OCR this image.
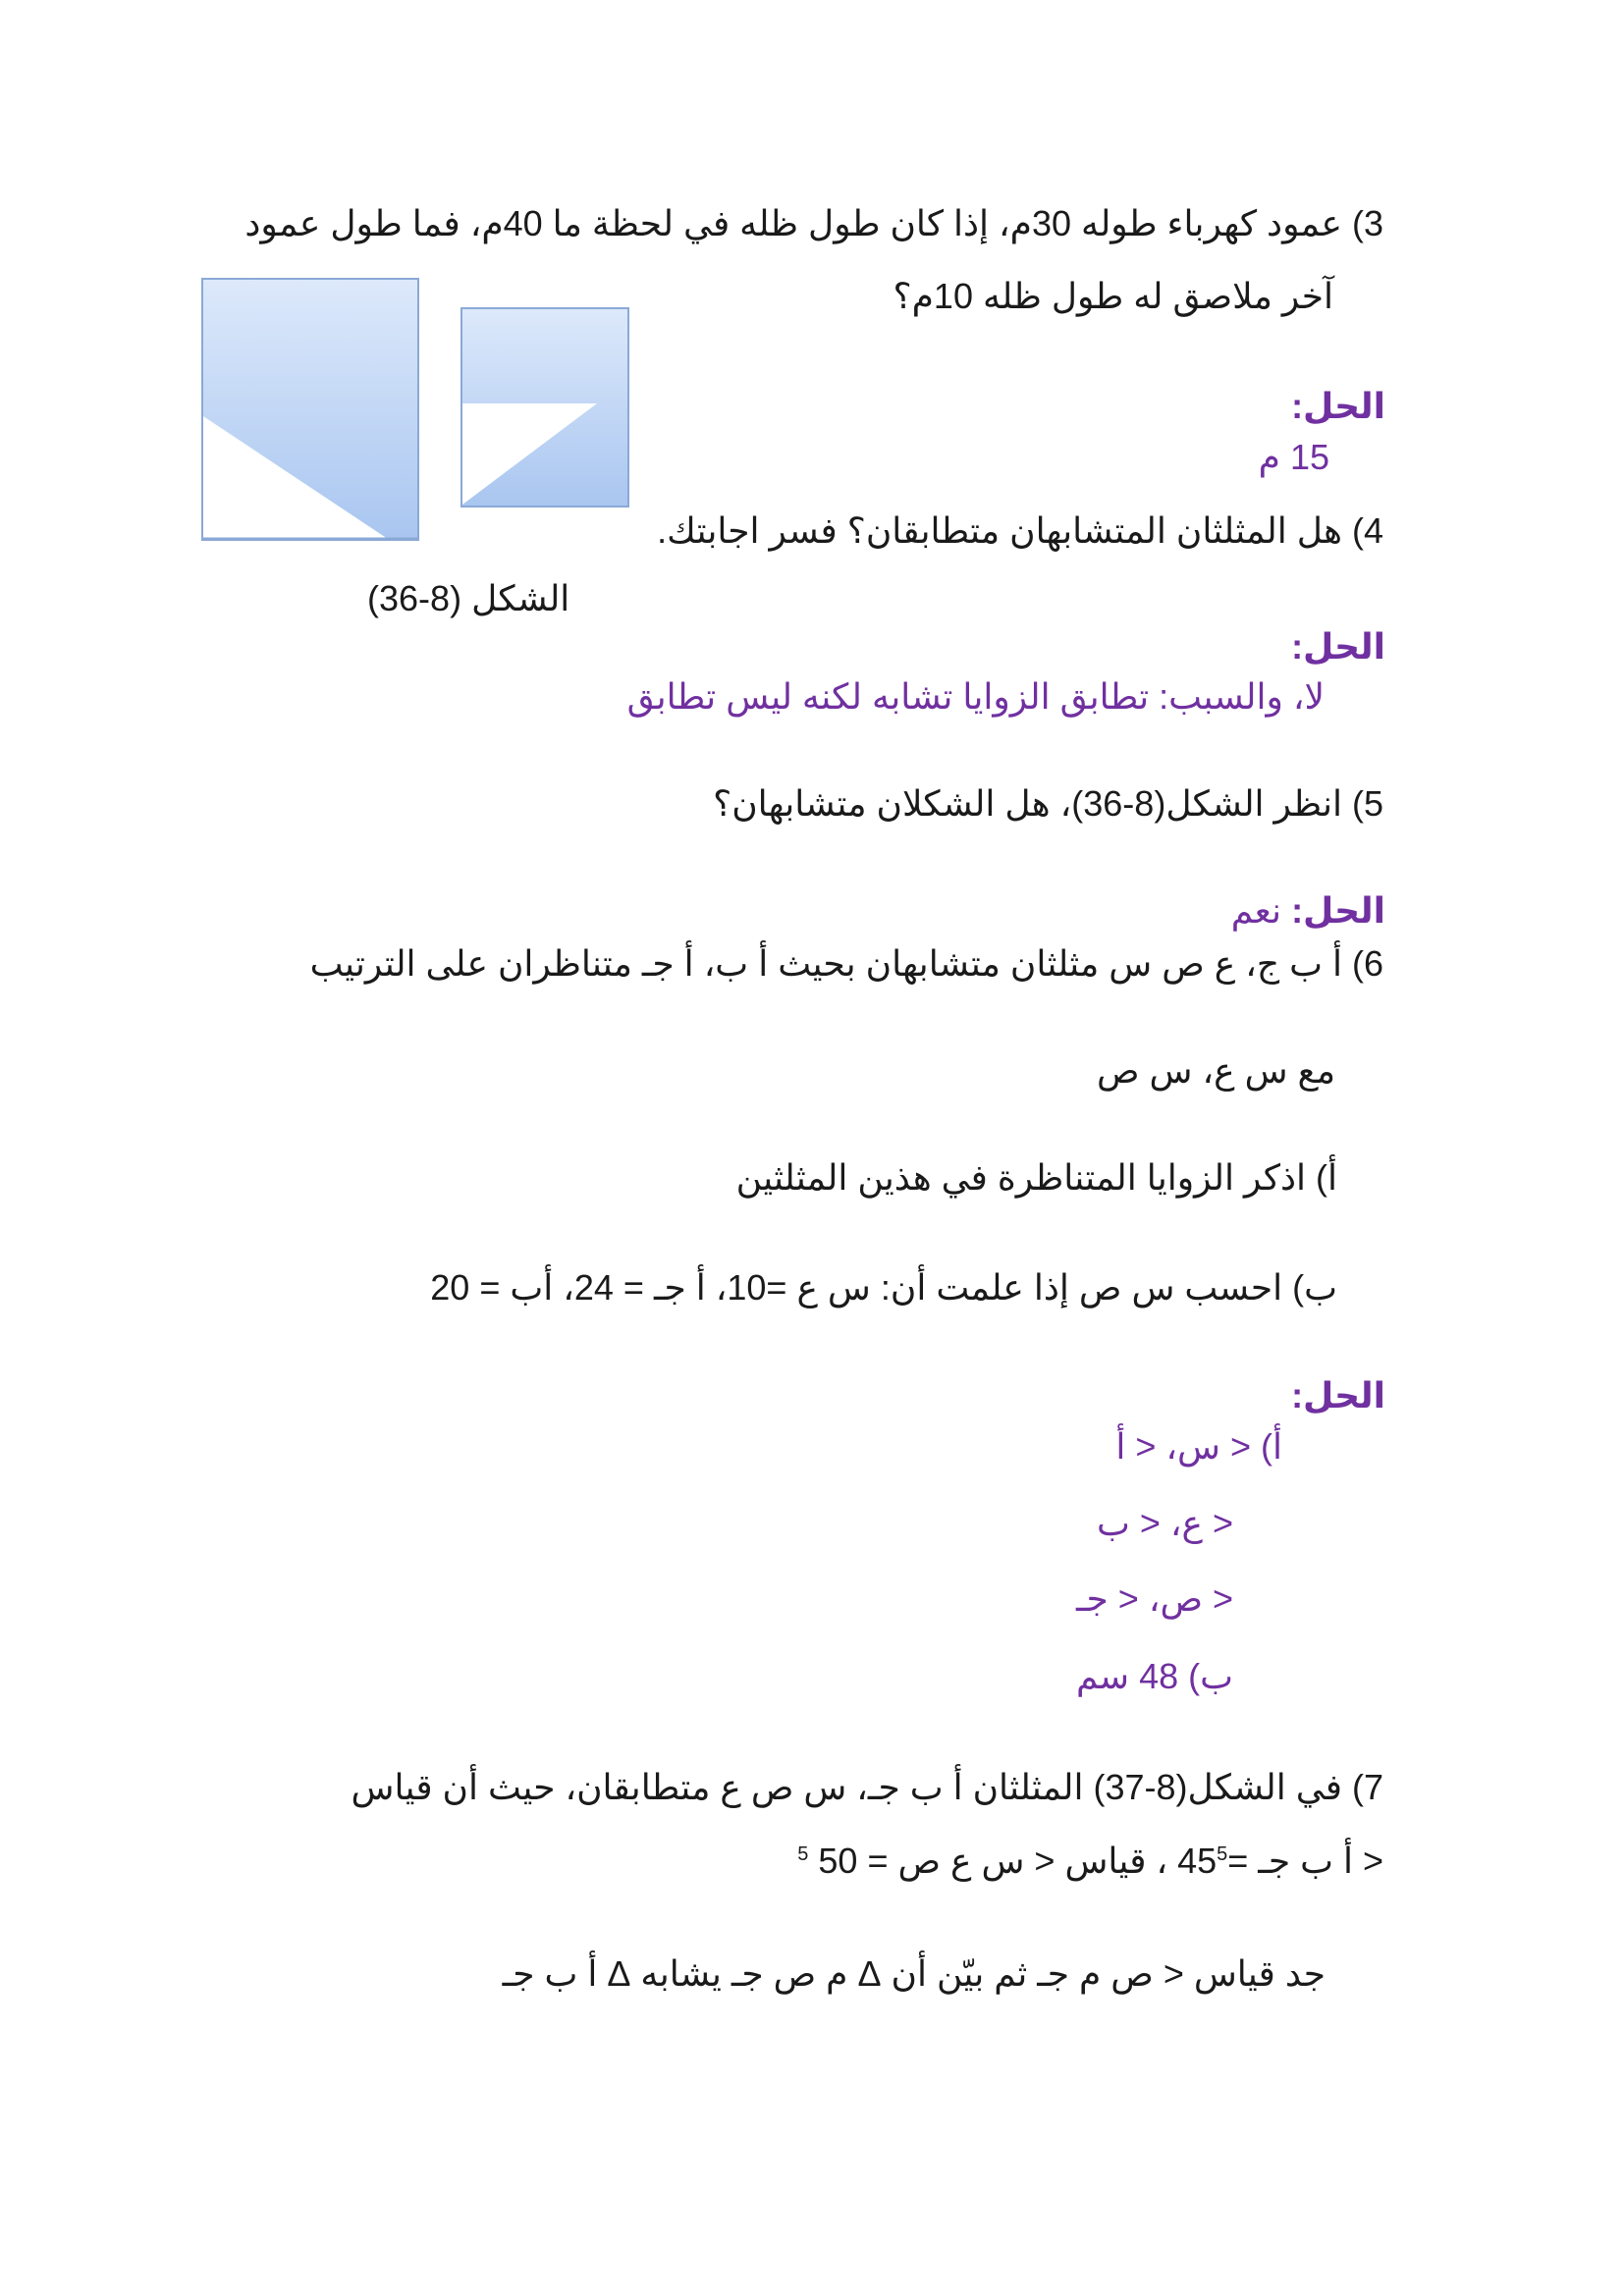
3) عمود كهرباء طوله 30م، إذا كان طول ظله في لحظة ما 40م، فما طول عمود
آخر ملاصق له طول ظله 10م؟
الشكل (8-36)
الحل:
15 م
4) هل المثلثان المتشابهان متطابقان؟ فسر اجابتك.
الحل:
لا، والسبب: تطابق الزوايا تشابه لكنه ليس تطابق
5) انظر الشكل(8-36)، هل الشكلان متشابهان؟
الحل: نعم
6) أ ب ج، ع ص س مثلثان متشابهان بحيث أ ب، أ جـ متناظران على الترتيب
مع س ع، س ص
أ) اذكر الزوايا المتناظرة في هذين المثلثين
ب) احسب س ص إذا علمت أن: س ع =10، أ جـ = 24، أب = 20
الحل:
أ) < س، < أ
< ع، < ب
< ص، < جـ
ب) 48 سم
7) في الشكل(8-37) المثلثان أ ب جـ، س ص ع متطابقان، حيث أن قياس
< أ ب جـ $=45^5$ ، قياس < س ع ص = 50 $^5$
جد قياس < ص م جـ ثم بيّن أن Δ م ص جـ يشابه Δ أ ب جـ
